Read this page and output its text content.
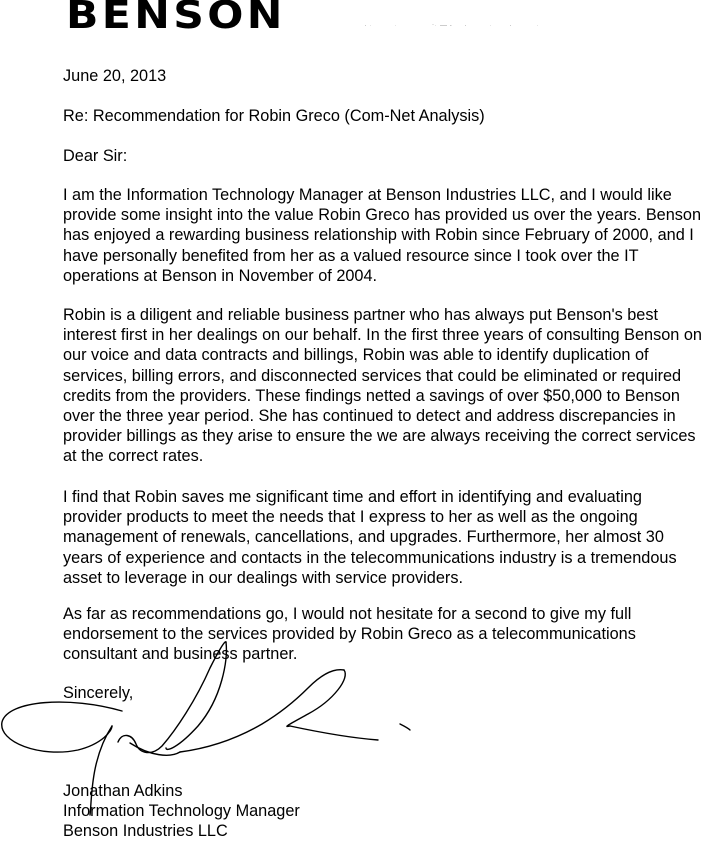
BENSON

June 20, 2013

Re: Recommendation for Robin Greco (Com-Net Analysis)

Dear Sir:

I am the Information Technology Manager at Benson Industries LLC, and I would like provide some insight into the value Robin Greco has provided us over the years. Benson has enjoyed a rewarding business relationship with Robin since February of 2000, and I have personally benefited from her as a valued resource since I took over the IT operations at Benson in November of 2004.

Robin is a diligent and reliable business partner who has always put Benson's best interest first in her dealings on our behalf. In the first three years of consulting Benson on our voice and data contracts and billings, Robin was able to identify duplication of services, billing errors, and disconnected services that could be eliminated or required credits from the providers. These findings netted a savings of over $50,000 to Benson over the three year period. She has continued to detect and address discrepancies in provider billings as they arise to ensure the we are always receiving the correct services at the correct rates.

I find that Robin saves me significant time and effort in identifying and evaluating provider products to meet the needs that I express to her as well as the ongoing management of renewals, cancellations, and upgrades. Furthermore, her almost 30 years of experience and contacts in the telecommunications industry is a tremendous asset to leverage in our dealings with service providers.

As far as recommendations go, I would not hesitate for a second to give my full endorsement to the services provided by Robin Greco as a telecommunications consultant and business partner.

Sincerely,

Jonathan Adkins

Information Technology Manager

Benson Industries LLC
